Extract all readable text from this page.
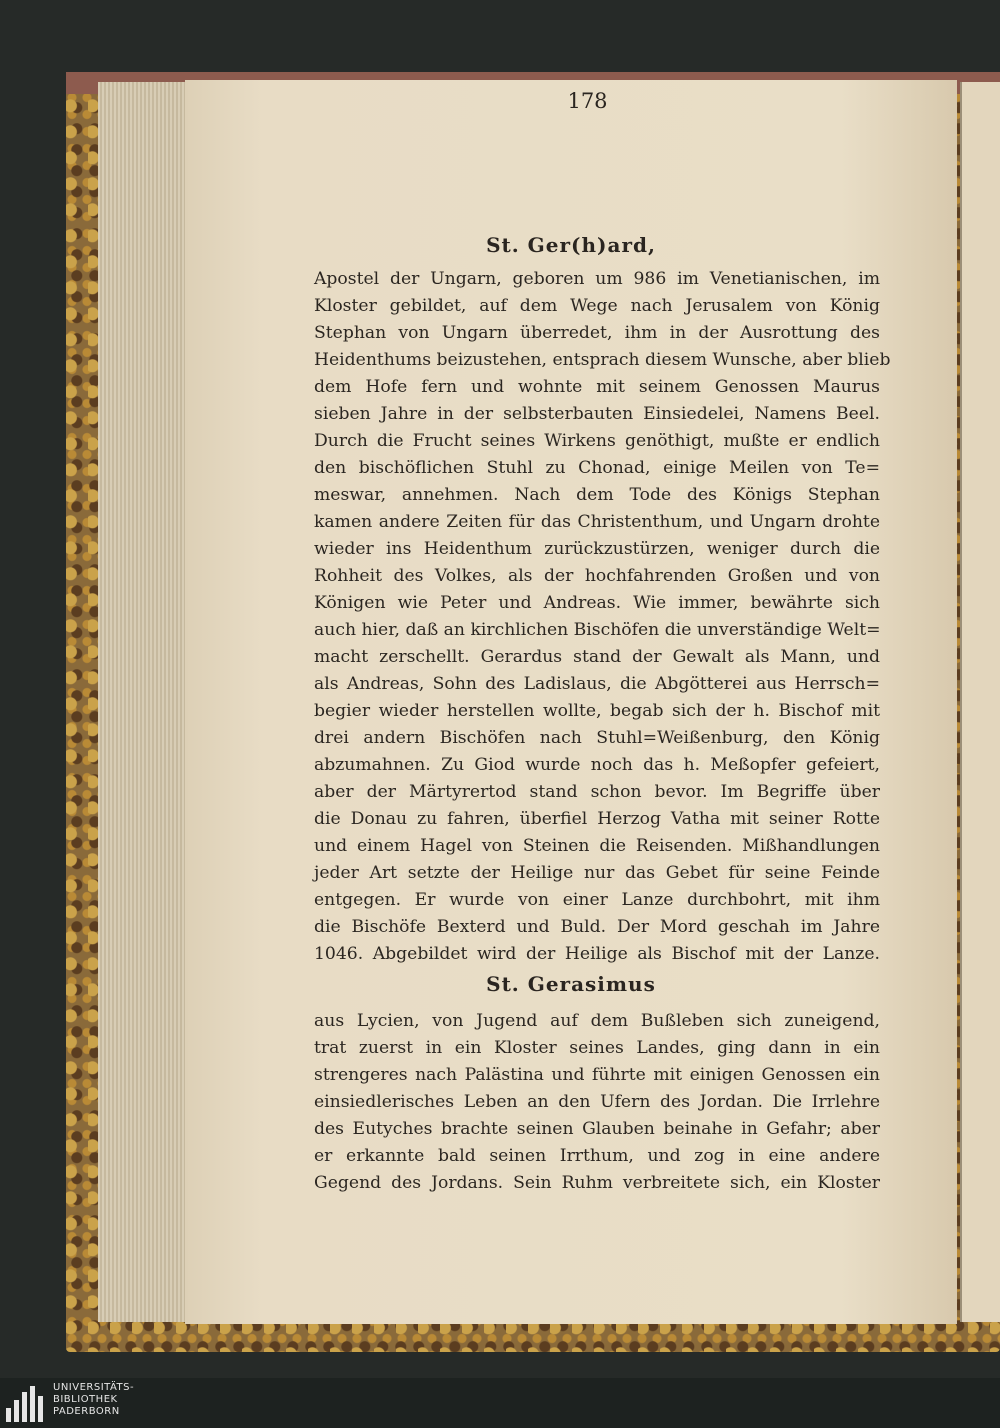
178
St. Ger(h)ard,
Apostel der Ungarn, geboren um 986 im Venetianischen, im
Kloster gebildet, auf dem Wege nach Jerusalem von König
Stephan von Ungarn überredet, ihm in der Ausrottung des
Heidenthums beizustehen, entsprach diesem Wunsche, aber blieb
dem Hofe fern und wohnte mit seinem Genossen Maurus
sieben Jahre in der selbsterbauten Einsiedelei, Namens Beel.
Durch die Frucht seines Wirkens genöthigt, mußte er endlich
den bischöflichen Stuhl zu Chonad, einige Meilen von Te=
meswar, annehmen. Nach dem Tode des Königs Stephan
kamen andere Zeiten für das Christenthum, und Ungarn drohte
wieder ins Heidenthum zurückzustürzen, weniger durch die
Rohheit des Volkes, als der hochfahrenden Großen und von
Königen wie Peter und Andreas. Wie immer, bewährte sich
auch hier, daß an kirchlichen Bischöfen die unverständige Welt=
macht zerschellt. Gerardus stand der Gewalt als Mann, und
als Andreas, Sohn des Ladislaus, die Abgötterei aus Herrsch=
begier wieder herstellen wollte, begab sich der h. Bischof mit
drei andern Bischöfen nach Stuhl=Weißenburg, den König
abzumahnen. Zu Giod wurde noch das h. Meßopfer gefeiert,
aber der Märtyrertod stand schon bevor. Im Begriffe über
die Donau zu fahren, überfiel Herzog Vatha mit seiner Rotte
und einem Hagel von Steinen die Reisenden. Mißhandlungen
jeder Art setzte der Heilige nur das Gebet für seine Feinde
entgegen. Er wurde von einer Lanze durchbohrt, mit ihm
die Bischöfe Bexterd und Buld. Der Mord geschah im Jahre
1046. Abgebildet wird der Heilige als Bischof mit der Lanze.
St. Gerasimus
aus Lycien, von Jugend auf dem Bußleben sich zuneigend,
trat zuerst in ein Kloster seines Landes, ging dann in ein
strengeres nach Palästina und führte mit einigen Genossen ein
einsiedlerisches Leben an den Ufern des Jordan. Die Irrlehre
des Eutyches brachte seinen Glauben beinahe in Gefahr; aber
er erkannte bald seinen Irrthum, und zog in eine andere
Gegend des Jordans. Sein Ruhm verbreitete sich, ein Kloster
UNIVERSITÄTS-
BIBLIOTHEK
PADERBORN
